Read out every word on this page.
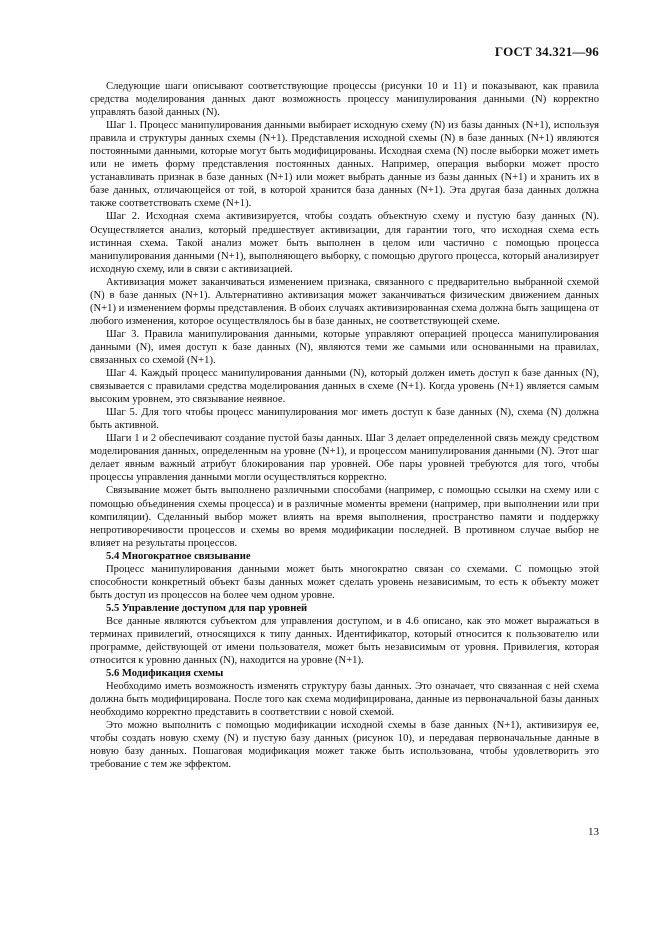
ГОСТ 34.321—96

Следующие шаги описывают соответствующие процессы (рисунки 10 и 11) и показывают, как правила средства моделирования данных дают возможность процессу манипулирования данными (N) корректно управлять базой данных (N).

Шаг 1. Процесс манипулирования данными выбирает исходную схему (N) из базы данных (N+1), используя правила и структуры данных схемы (N+1). Представления исходной схемы (N) в базе данных (N+1) являются постоянными данными, которые могут быть модифицированы. Исходная схема (N) после выборки может иметь или не иметь форму представления постоянных данных. Например, операция выборки может просто устанавливать признак в базе данных (N+1) или может выбрать данные из базы данных (N+1) и хранить их в базе данных, отличающейся от той, в которой хранится база данных (N+1). Эта другая база данных должна также соответствовать схеме (N+1).

Шаг 2. Исходная схема активизируется, чтобы создать объектную схему и пустую базу данных (N). Осуществляется анализ, который предшествует активизации, для гарантии того, что исходная схема есть истинная схема. Такой анализ может быть выполнен в целом или частично с помощью процесса манипулирования данными (N+1), выполняющего выборку, с помощью другого процесса, который анализирует исходную схему, или в связи с активизацией.

Активизация может заканчиваться изменением признака, связанного с предварительно выбранной схемой (N) в базе данных (N+1). Альтернативно активизация может заканчиваться физическим движением данных (N+1) и изменением формы представления. В обоих случаях активизированная схема должна быть защищена от любого изменения, которое осуществлялось бы в базе данных, не соответствующей схеме.

Шаг 3. Правила манипулирования данными, которые управляют операцией процесса манипулирования данными (N), имея доступ к базе данных (N), являются теми же самыми или основанными на правилах, связанных со схемой (N+1).

Шаг 4. Каждый процесс манипулирования данными (N), который должен иметь доступ к базе данных (N), связывается с правилами средства моделирования данных в схеме (N+1). Когда уровень (N+1) является самым высоким уровнем, это связывание неявное.

Шаг 5. Для того чтобы процесс манипулирования мог иметь доступ к базе данных (N), схема (N) должна быть активной.

Шаги 1 и 2 обеспечивают создание пустой базы данных. Шаг 3 делает определенной связь между средством моделирования данных, определенным на уровне (N+1), и процессом манипулирования данными (N). Этот шаг делает явным важный атрибут блокирования пар уровней. Обе пары уровней требуются для того, чтобы процессы управления данными могли осуществляться корректно.

Связывание может быть выполнено различными способами (например, с помощью ссылки на схему или с помощью объединения схемы процесса) и в различные моменты времени (например, при выполнении или при компиляции). Сделанный выбор может влиять на время выполнения, пространство памяти и поддержку непротиворечивости процессов и схемы во время модификации последней. В противном случае выбор не влияет на результаты процессов.

5.4 Многократное связывание

Процесс манипулирования данными может быть многократно связан со схемами. С помощью этой способности конкретный объект базы данных может сделать уровень независимым, то есть к объекту может быть доступ из процессов на более чем одном уровне.

5.5 Управление доступом для пар уровней

Все данные являются субъектом для управления доступом, и в 4.6 описано, как это может выражаться в терминах привилегий, относящихся к типу данных. Идентификатор, который относится к пользователю или программе, действующей от имени пользователя, может быть независимым от уровня. Привилегия, которая относится к уровню данных (N), находится на уровне (N+1).

5.6 Модификация схемы

Необходимо иметь возможность изменять структуру базы данных. Это означает, что связанная с ней схема должна быть модифицирована. После того как схема модифицирована, данные из первоначальной базы данных необходимо корректно представить в соответствии с новой схемой.

Это можно выполнить с помощью модификации исходной схемы в базе данных (N+1), активизируя ее, чтобы создать новую схему (N) и пустую базу данных (рисунок 10), и передавая первоначальные данные в новую базу данных. Пошаговая модификация может также быть использована, чтобы удовлетворить это требование с тем же эффектом.

13
